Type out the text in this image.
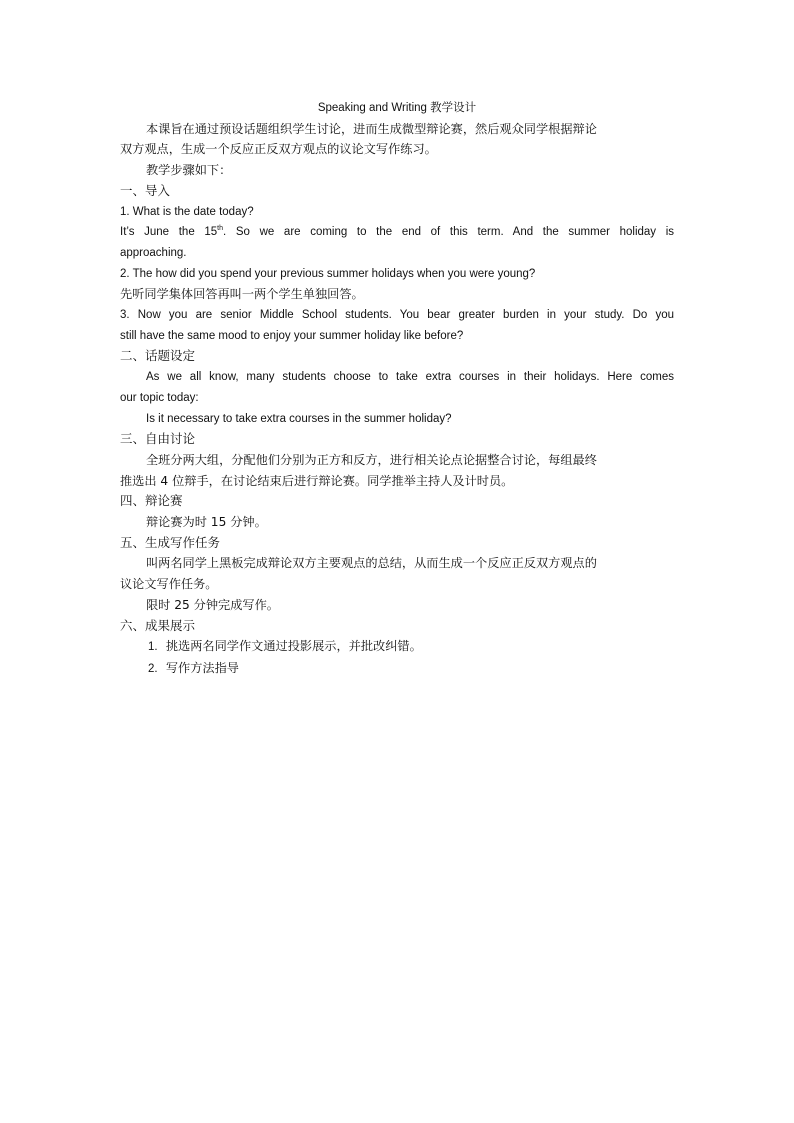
Speaking and Writing 教学设计

本课旨在通过预设话题组织学生讨论，进而生成微型辩论赛，然后观众同学根据辩论

双方观点，生成一个反应正反双方观点的议论文写作练习。

教学步骤如下：

一、导入

1. What is the date today?

It’s June the 15th. So we are coming to the end of this term. And the summer holiday is

approaching.

2. The how did you spend your previous summer holidays when you were young?

先听同学集体回答再叫一两个学生单独回答。

3. Now you are senior Middle School students. You bear greater burden in your study. Do you

still have the same mood to enjoy your summer holiday like before?

二、话题设定

As we all know, many students choose to take extra courses in their holidays. Here comes

our topic today:

Is it necessary to take extra courses in the summer holiday?

三、自由讨论

全班分两大组，分配他们分别为正方和反方，进行相关论点论据整合讨论，每组最终

推选出 4 位辩手，在讨论结束后进行辩论赛。同学推举主持人及计时员。

四、辩论赛

辩论赛为时 15 分钟。

五、生成写作任务

叫两名同学上黑板完成辩论双方主要观点的总结，从而生成一个反应正反双方观点的

议论文写作任务。

限时 25 分钟完成写作。

六、成果展示

1. 挑选两名同学作文通过投影展示，并批改纠错。

2. 写作方法指导
